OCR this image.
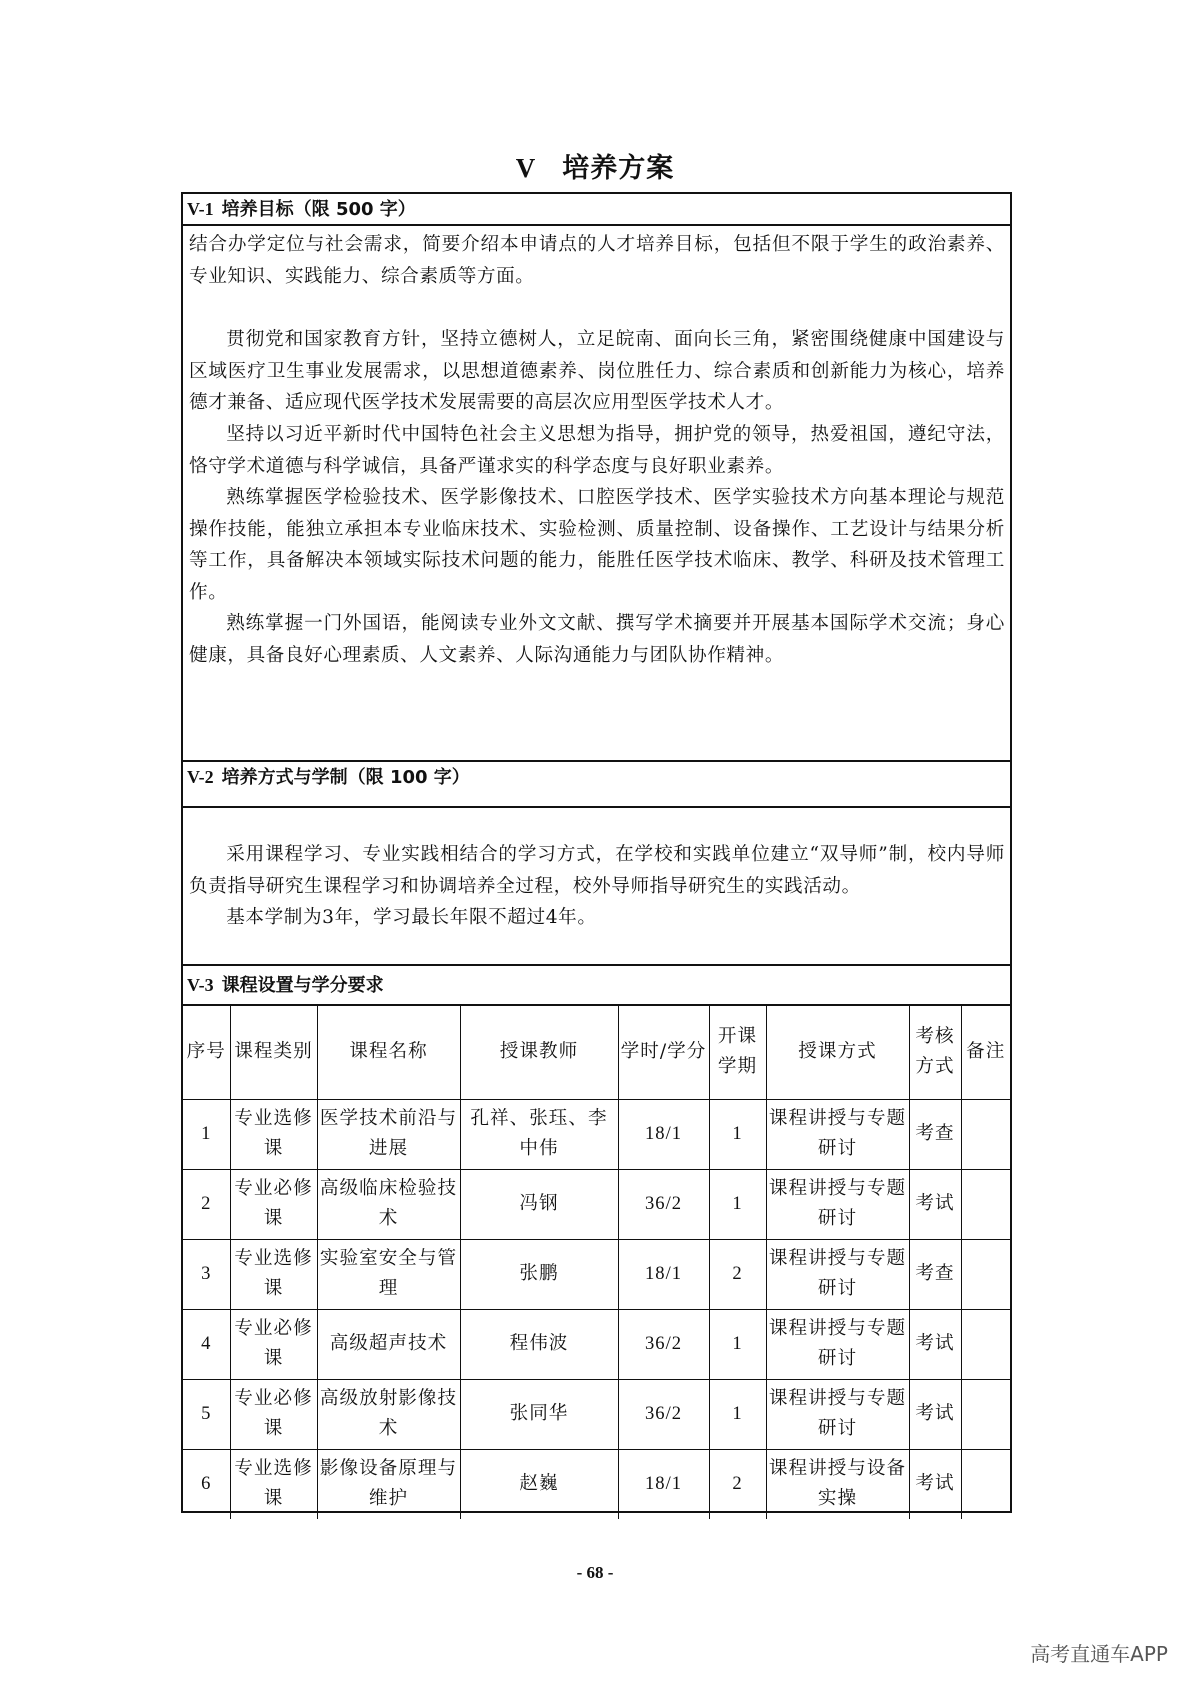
V 培养方案
V-1 培养目标（限 500 字）
结合办学定位与社会需求，简要介绍本申请点的人才培养目标，包括但不限于学生的政治素养、专业知识、实践能力、综合素质等方面。
贯彻党和国家教育方针，坚持立德树人，立足皖南、面向长三角，紧密围绕健康中国建设与区域医疗卫生事业发展需求，以思想道德素养、岗位胜任力、综合素质和创新能力为核心，培养德才兼备、适应现代医学技术发展需要的高层次应用型医学技术人才。
坚持以习近平新时代中国特色社会主义思想为指导，拥护党的领导，热爱祖国，遵纪守法，恪守学术道德与科学诚信，具备严谨求实的科学态度与良好职业素养。
熟练掌握医学检验技术、医学影像技术、口腔医学技术、医学实验技术方向基本理论与规范操作技能，能独立承担本专业临床技术、实验检测、质量控制、设备操作、工艺设计与结果分析等工作，具备解决本领域实际技术问题的能力，能胜任医学技术临床、教学、科研及技术管理工作。
熟练掌握一门外国语，能阅读专业外文文献、撰写学术摘要并开展基本国际学术交流；身心健康，具备良好心理素质、人文素养、人际沟通能力与团队协作精神。
V-2 培养方式与学制（限 100 字）
采用课程学习、专业实践相结合的学习方式，在学校和实践单位建立“双导师”制，校内导师负责指导研究生课程学习和协调培养全过程，校外导师指导研究生的实践活动。
基本学制为3年，学习最长年限不超过4年。
V-3 课程设置与学分要求
序号	课程类别	课程名称	授课教师	学时/学分	开课学期	授课方式	考核方式	备注
1	专业选修课	医学技术前沿与进展	孔祥、张珏、李中伟	18/1	1	课程讲授与专题研讨	考查	
2	专业必修课	高级临床检验技术	冯钢	36/2	1	课程讲授与专题研讨	考试	
3	专业选修课	实验室安全与管理	张鹏	18/1	2	课程讲授与专题研讨	考查	
4	专业必修课	高级超声技术	程伟波	36/2	1	课程讲授与专题研讨	考试	
5	专业必修课	高级放射影像技术	张同华	36/2	1	课程讲授与专题研讨	考试	
6	专业选修课	影像设备原理与维护	赵巍	18/1	2	课程讲授与设备实操	考试	
- 68 -
高考直通车APP
